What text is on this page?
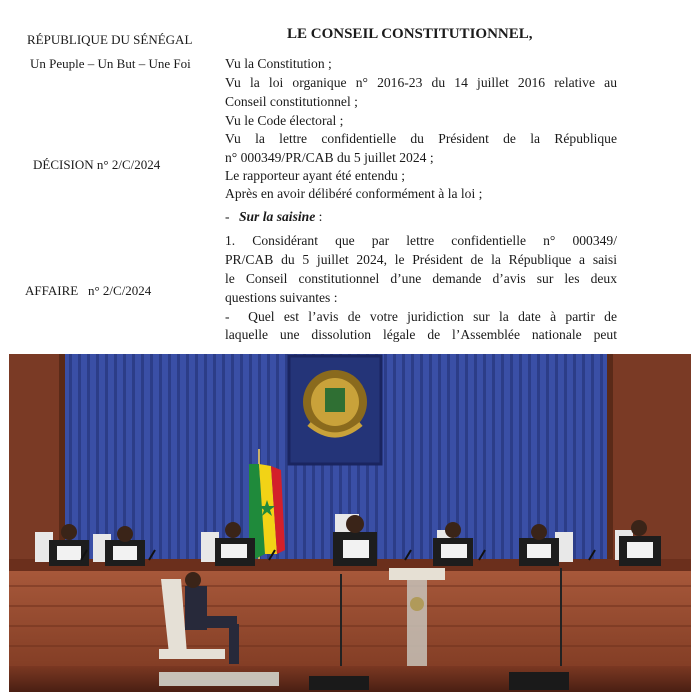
RÉPUBLIQUE DU SÉNÉGAL
Un Peuple – Un But – Une Foi
DÉCISION n° 2/C/2024
AFFAIRE   n° 2/C/2024
LE CONSEIL CONSTITUTIONNEL,
Vu la Constitution ;
Vu la loi organique n° 2016-23 du 14 juillet 2016 relative au
Conseil constitutionnel ;
Vu le Code électoral ;
Vu la lettre confidentielle du Président de la République
n° 000349/PR/CAB du 5 juillet 2024 ;
Le rapporteur ayant été entendu ;
Après en avoir délibéré conformément à la loi ;
- Sur la saisine :
1. Considérant que par lettre confidentielle n° 000349/
PR/CAB du 5 juillet 2024, le Président de la République a saisi
le Conseil constitutionnel d’une demande d’avis sur les deux
questions suivantes :
-  Quel est l’avis de votre juridiction sur la date à partir de
laquelle une dissolution légale de l’Assemblée nationale peut
